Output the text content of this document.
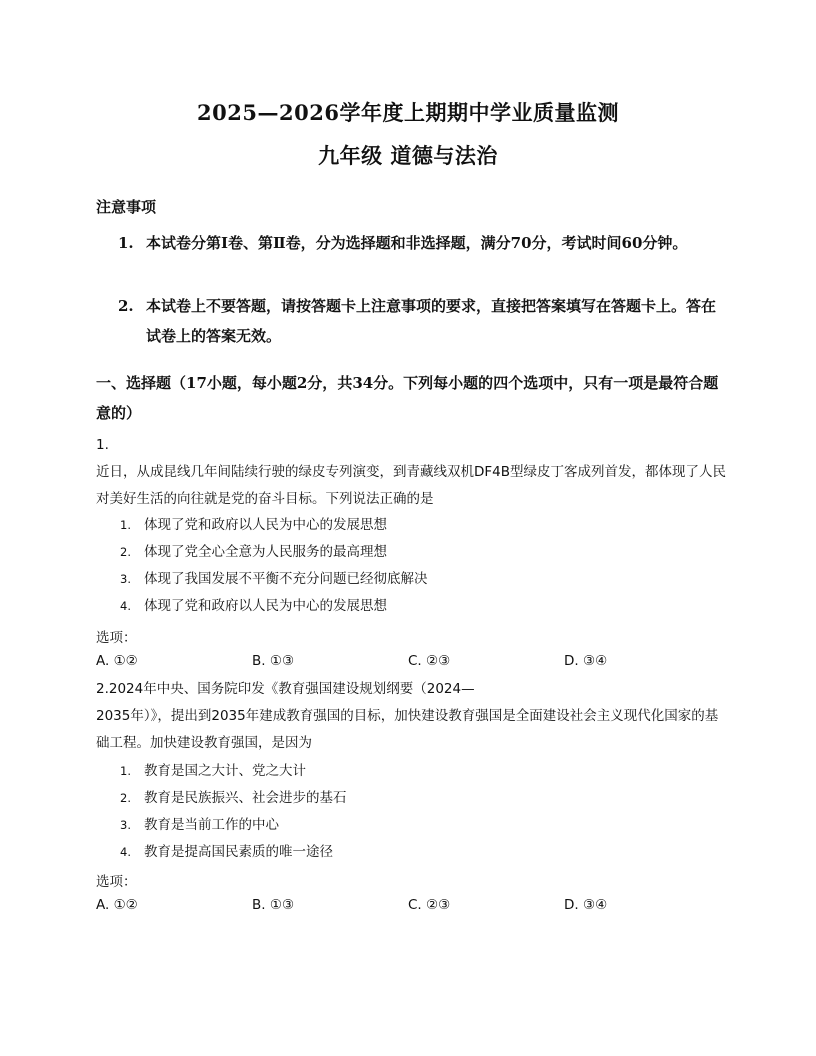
2025—2026学年度上期期中学业质量监测
九年级 道德与法治
注意事项
1. 本试卷分第Ⅰ卷、第Ⅱ卷，分为选择题和非选择题，满分70分，考试时间60分钟。
2. 本试卷上不要答题，请按答题卡上注意事项的要求，直接把答案填写在答题卡上。答在试卷上的答案无效。
一、选择题（17小题，每小题2分，共34分。下列每小题的四个选项中，只有一项是最符合题意的）
1.
近日，从成昆线几年间陆续行驶的绿皮专列演变，到青藏线双机DF4B型绿皮丁客成列首发，都体现了人民对美好生活的向往就是党的奋斗目标。下列说法正确的是
1. 体现了党和政府以人民为中心的发展思想
2. 体现了党全心全意为人民服务的最高理想
3. 体现了我国发展不平衡不充分问题已经彻底解决
4. 体现了党和政府以人民为中心的发展思想
选项：
A. ①②	B. ①③	C. ②③	D. ③④
2.2024年中央、国务院印发《教育强国建设规划纲要（2024—
2035年）》，提出到2035年建成教育强国的目标，加快建设教育强国是全面建设社会主义现代化国家的基础工程。加快建设教育强国，是因为
1. 教育是国之大计、党之大计
2. 教育是民族振兴、社会进步的基石
3. 教育是当前工作的中心
4. 教育是提高国民素质的唯一途径
选项：
A. ①②	B. ①③	C. ②③	D. ③④
